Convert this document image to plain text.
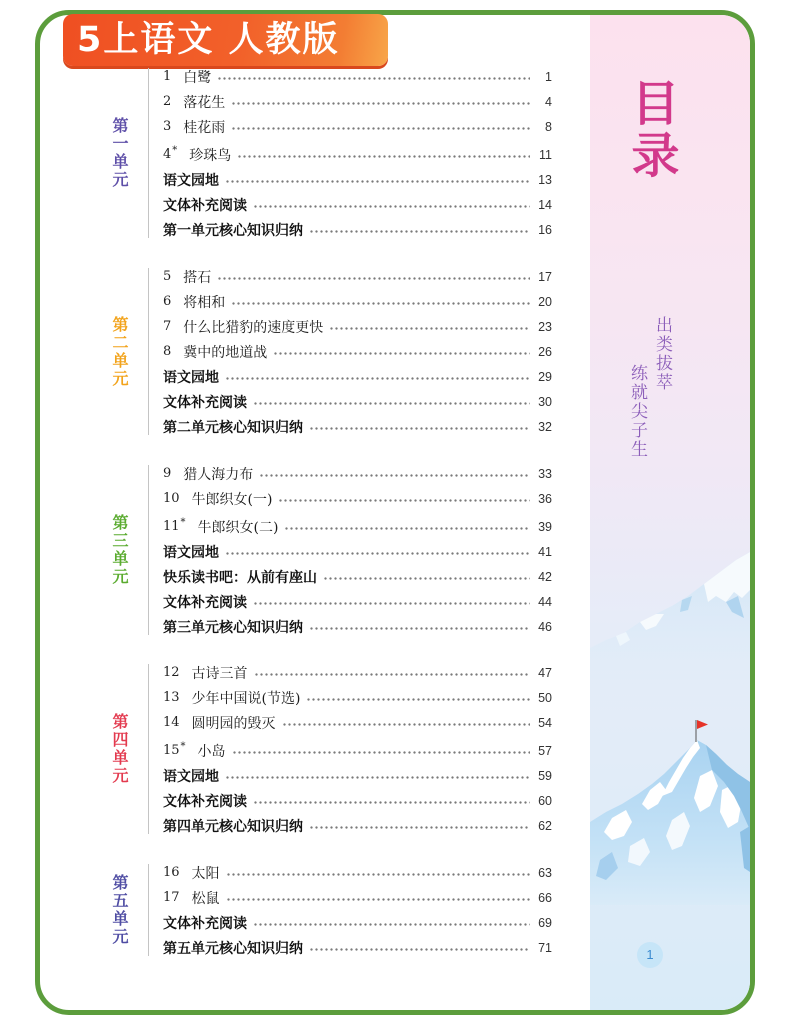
目录
出类拔萃
练就尖子生
1
5上语文 人教版
第一单元
1 白鹭	1
2 落花生	4
3 桂花雨	8
4 * 珍珠鸟	11
语文园地	13
文体补充阅读	14
第一单元核心知识归纳	16
第二单元
5 搭石	17
6 将相和	20
7 什么比猎豹的速度更快	23
8 冀中的地道战	26
语文园地	29
文体补充阅读	30
第二单元核心知识归纳	32
第三单元
9 猎人海力布	33
10 牛郎织女(一)	36
11 * 牛郎织女(二)	39
语文园地	41
快乐读书吧：从前有座山	42
文体补充阅读	44
第三单元核心知识归纳	46
第四单元
12 古诗三首	47
13 少年中国说(节选)	50
14 圆明园的毁灭	54
15 * 小岛	57
语文园地	59
文体补充阅读	60
第四单元核心知识归纳	62
第五单元
16 太阳	63
17 松鼠	66
文体补充阅读	69
第五单元核心知识归纳	71
